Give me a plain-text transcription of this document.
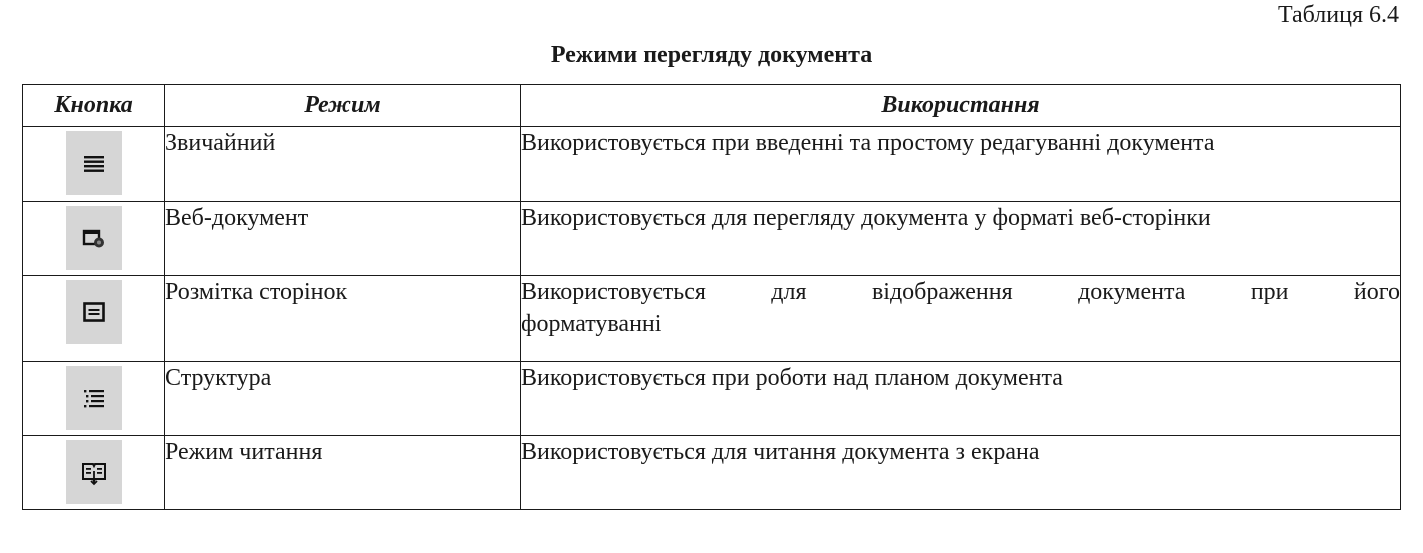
Таблиця 6.4
Режими перегляду документа
Кнопка	Режим	Використання

	Звичайний	Використовується при введенні та простому редагуванні документа

	Веб-документ	Використовується для перегляду документа у форматі веб-сторінки

	Розмітка сторінок	Використовується для відображення документа при його
форматуванні

	Структура	Використовується при роботи над планом документа

	Режим читання	Використовується для читання документа з екрана
